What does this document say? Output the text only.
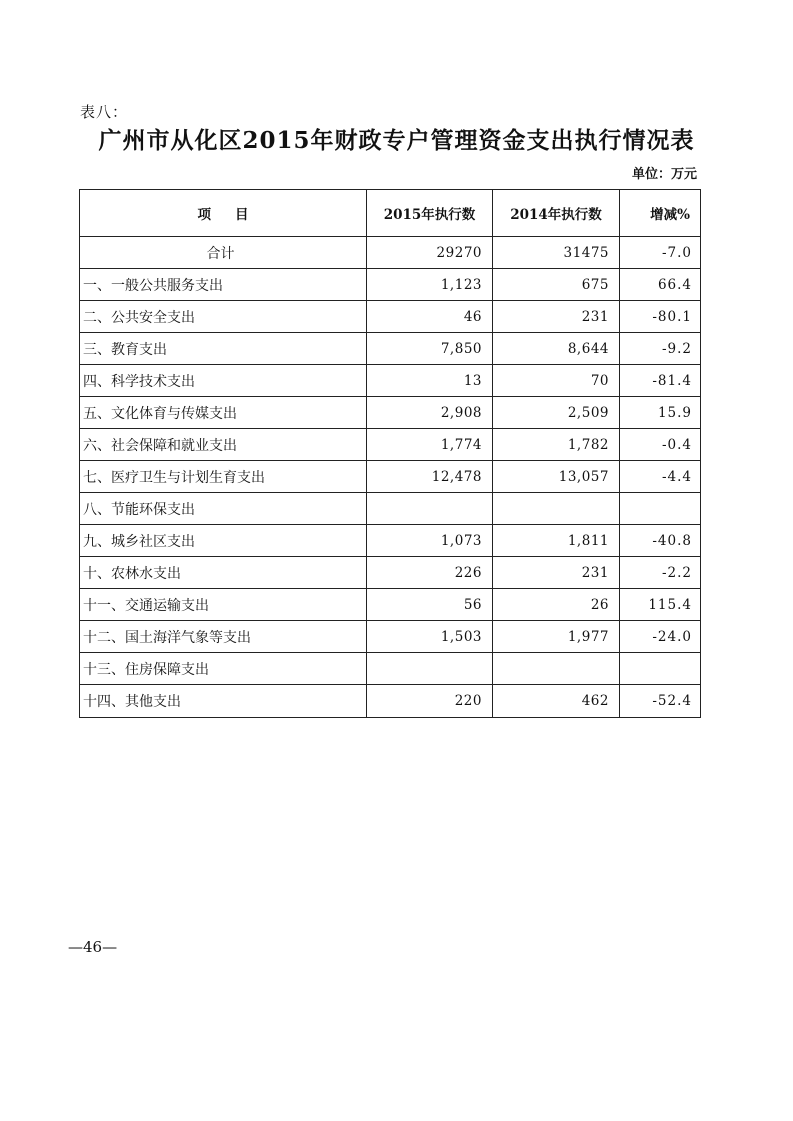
表八：
广州市从化区2015年财政专户管理资金支出执行情况表
单位：万元
项目	2015年执行数	2014年执行数	增减%
合计	29270	31475	-7.0
一、一般公共服务支出	1,123	675	66.4
二、公共安全支出	46	231	-80.1
三、教育支出	7,850	8,644	-9.2
四、科学技术支出	13	70	-81.4
五、文化体育与传媒支出	2,908	2,509	15.9
六、社会保障和就业支出	1,774	1,782	-0.4
七、医疗卫生与计划生育支出	12,478	13,057	-4.4
八、节能环保支出			
九、城乡社区支出	1,073	1,811	-40.8
十、农林水支出	226	231	-2.2
十一、交通运输支出	56	26	115.4
十二、国土海洋气象等支出	1,503	1,977	-24.0
十三、住房保障支出			
十四、其他支出	220	462	-52.4
—46—
